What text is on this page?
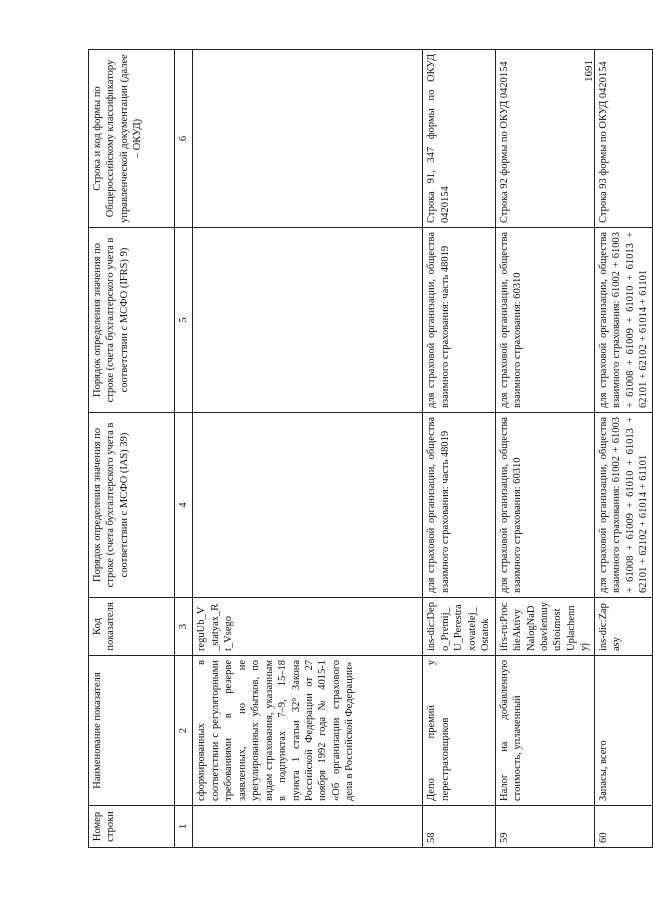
1691
Номер строки	Наименование показателя	Код показателя	Порядок определения значения по строке (счета бухгалтерского учета в соответствии с МСФО (IAS) 39)	Порядок определения значения по строке (счета бухгалтерского учета в соответствии с МСФО (IFRS) 9)	Строка и код формы по Общероссийскому классификатору управленческой документации (далее – ОКУД)
1	2	3	4	5	6
	сформированных в соответствии с регуляторными требованиями в резерве заявленных, но не урегулированных убытков, по видам страхования, указанным в подпунктах 7–9, 15–18 пункта 1 статьи 32⁹ Закона Российской Федерации от 27 ноября 1992 года № 4015-1 «Об организации страхового дела в Российской Федерации»	reguUb_V_statyax_Rt_Vsego			
58	Депо премий у перестраховщиков	ins-dic:Depo_Premij_U_Perestraxovatelej_Ostatok	для страховой организации, общества взаимного страхования: часть 48019	для страховой организации, общества взаимного страхования: часть 48019	Строка 91, 347 формы по ОКУД 0420154
59	Налог на добавленную стоимость, уплаченный	ifrs-ru:ProchieAktivyNalogNaDobavlennuyuStoimostUplachennyj	для страховой организации, общества взаимного страхования: 60310	для страховой организации, общества взаимного страхования: 60310	Строка 92 формы по ОКУД 0420154
60	Запасы, всего	ins-dic:Zapasy	для страховой организации, общества взаимного страхования: 61002 + 61003 + 61008 + 61009 + 61010 + 61013 + 62101 + 62102 + 61014 + 61101	для страховой организации, общества взаимного страхования: 61002 + 61003 + 61008 + 61009 + 61010 + 61013 + 62101 + 62102 + 61014 + 61101	Строка 93 формы по ОКУД 0420154
